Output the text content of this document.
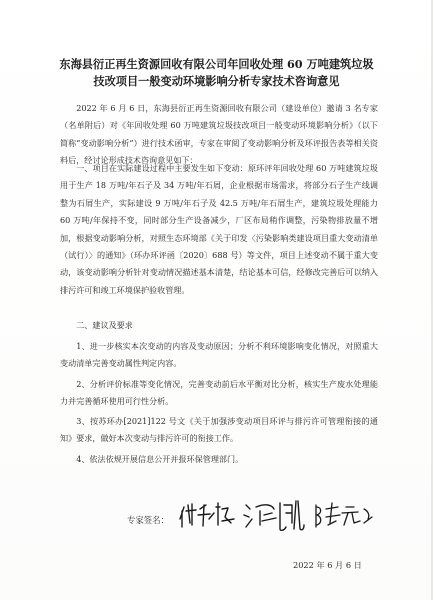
东海县衍正再生资源回收有限公司年回收处理 60 万吨建筑垃圾
技改项目一般变动环境影响分析专家技术咨询意见

2022 年 6 月 6 日，东海县衍正再生资源回收有限公司（建设单位）邀请 3 名专家（名单附后）对《年回收处理 60 万吨建筑垃圾技改项目一般变动环境影响分析》（以下简称“变动影响分析”）进行技术函审，专家在审阅了变动影响分析及环评报告表等相关资料后，经讨论形成技术咨询意见如下：

一、项目在实际建设过程中主要发生如下变动：原环评年回收处理 60 万吨建筑垃圾用于生产 18 万吨/年石子及 34 万吨/年石屑，企业根据市场需求，将部分石子生产线调整为石屑生产，实际建设 9 万吨/年石子及 42.5 万吨/年石屑生产，建筑垃圾处理能力 60 万吨/年保持不变，同时部分生产设备减少，厂区布局稍作调整，污染物排放量不增加，根据变动影响分析，对照生态环境部《关于印发〈污染影响类建设项目重大变动清单（试行）〉的通知》（环办环评函〔2020〕688 号）等文件，项目上述变动不属于重大变动，该变动影响分析针对变动情况描述基本清楚，结论基本可信，经修改完善后可以纳入排污许可和竣工环境保护验收管理。

二、建议及要求

1、进一步核实本次变动的内容及变动原因；分析不利环境影响变化情况，对照重大变动清单完善变动属性判定内容。

2、分析评价标准等变化情况，完善变动前后水平衡对比分析，核实生产废水处理能力并完善循环使用可行性分析。

3、按苏环办[2021]122 号文《关于加强涉变动项目环评与排污许可管理衔接的通知》要求，做好本次变动与排污许可的衔接工作。

4、依法依规开展信息公开并报环保管理部门。

专家签名：
2022 年 6 月 6 日
